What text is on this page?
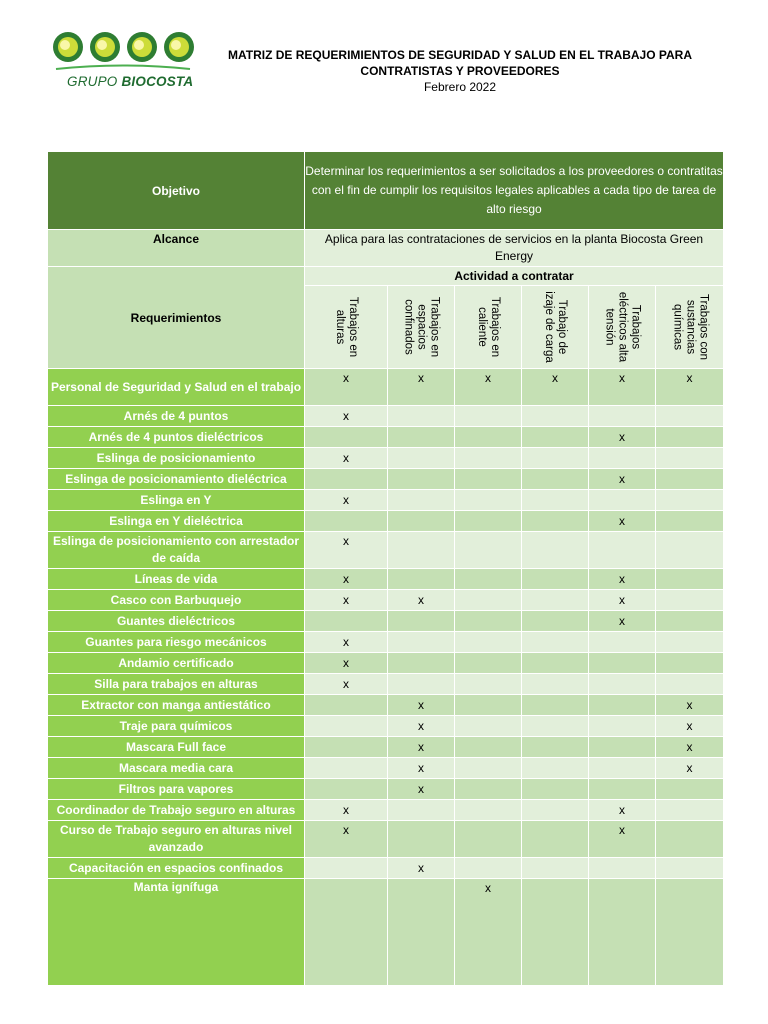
GRUPO BIOCOSTA
MATRIZ DE REQUERIMIENTOS DE SEGURIDAD Y SALUD EN EL TRABAJO PARA
CONTRATISTAS Y PROVEEDORES
Febrero 2022
Objetivo	Determinar los requerimientos a ser solicitados a los proveedores o contratitas con el fin de cumplir los requisitos legales aplicables a cada tipo de tarea de alto riesgo					
Alcance	Aplica para las contrataciones de servicios en la planta Biocosta Green Energy					
Requerimientos	Actividad a contratar					

	Trabajos en alturas	Trabajos en espacios confinados	Trabajos en caliente	Trabajo de izaje de carga	Trabajos eléctricos alta tensión	Trabajos con sustancias químicas

Personal de Seguridad y Salud en el trabajo	x	x	x	x	x	x
Arnés de 4 puntos	x					
Arnés de 4 puntos dieléctricos					x	
Eslinga de posicionamiento	x					
Eslinga de posicionamiento dieléctrica					x	
Eslinga en Y	x					
Eslinga en Y dieléctrica					x	
Eslinga de posicionamiento con arrestador de caída	x					
Líneas de vida	x				x	
Casco con Barbuquejo	x	x			x	
Guantes dieléctricos					x	
Guantes para riesgo mecánicos	x					
Andamio certificado	x					
Silla para trabajos en alturas	x					
Extractor con manga antiestático		x				x
Traje para químicos		x				x
Mascara Full face		x				x
Mascara media cara		x				x
Filtros para vapores		x				
Coordinador de Trabajo seguro en alturas	x				x	
Curso de Trabajo seguro en alturas nivel avanzado	x				x	
Capacitación en espacios confinados		x				
Manta ignífuga			x			
